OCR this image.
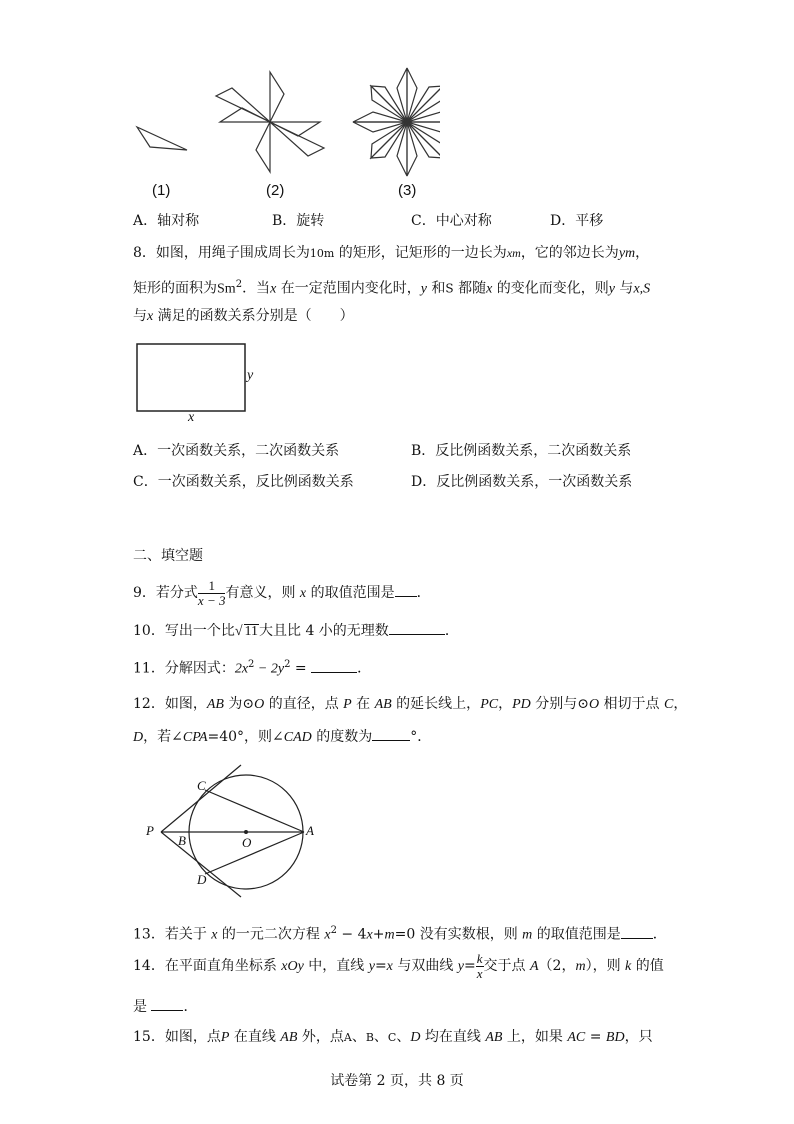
(1)	(2)	(3)
A．轴对称	B．旋转	C．中心对称	D．平移
8．如图，用绳子围成周长为10m 的矩形，记矩形的一边长为xm，它的邻边长为ym，
矩形的面积为Sm$^2$．当x 在一定范围内变化时，y 和S 都随x 的变化而变化，则y 与x,S
与x 满足的函数关系分别是（　　）
y
x
A．一次函数关系，二次函数关系	B．反比例函数关系，二次函数关系
C．一次函数关系，反比例函数关系	D．反比例函数关系，一次函数关系
二、填空题
9．若分式 $\frac{1}{x - 3}$ 有意义，则 x 的取值范围是 ．
10．写出一个比√ 11大且比 4 小的无理数	．
11．分解因式：$2x^2 - 2y^2$ =	．
12．如图，AB 为⊙O 的直径，点 P 在 AB 的延长线上，PC，PD 分别与⊙O 相切于点 C，
D，若∠CPA=40°，则∠CAD 的度数为	°．
C
P
B	O
A
D
13．若关于 x 的一元二次方程 $x^2 - 4x+m=0$ 没有实数根，则 m 的取值范围是 ．
14．在平面直角坐标系 xOy 中，直线 y=x 与双曲线 $y= \frac{k}{x}$ 交于点 A（2，m），则 k 的值
是	．
15．如图，点P 在直线 AB 外，点A、B、C、D 均在直线 AB 上，如果 AC = BD，只
试卷第 2 页，共 8 页
